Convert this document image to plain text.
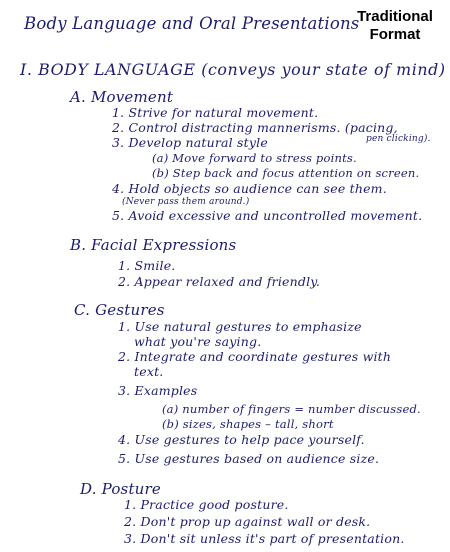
Traditional
Format
Body Language and Oral Presentations
I. BODY LANGUAGE (conveys your state of mind)
A. Movement
1. Strive for natural movement.
2. Control distracting mannerisms. (pacing,
pen clicking).
3. Develop natural style
(a) Move forward to stress points.
(b) Step back and focus attention on screen.
4. Hold objects so audience can see them.
(Never pass them around.)
5. Avoid excessive and uncontrolled movement.
B. Facial Expressions
1. Smile.
2. Appear relaxed and friendly.
C. Gestures
1. Use natural gestures to emphasize
what you're saying.
2. Integrate and coordinate gestures with
text.
3. Examples
(a) number of fingers = number discussed.
(b) sizes, shapes – tall, short
4. Use gestures to help pace yourself.
5. Use gestures based on audience size.
D. Posture
1. Practice good posture.
2. Don't prop up against wall or desk.
3. Don't sit unless it's part of presentation.
